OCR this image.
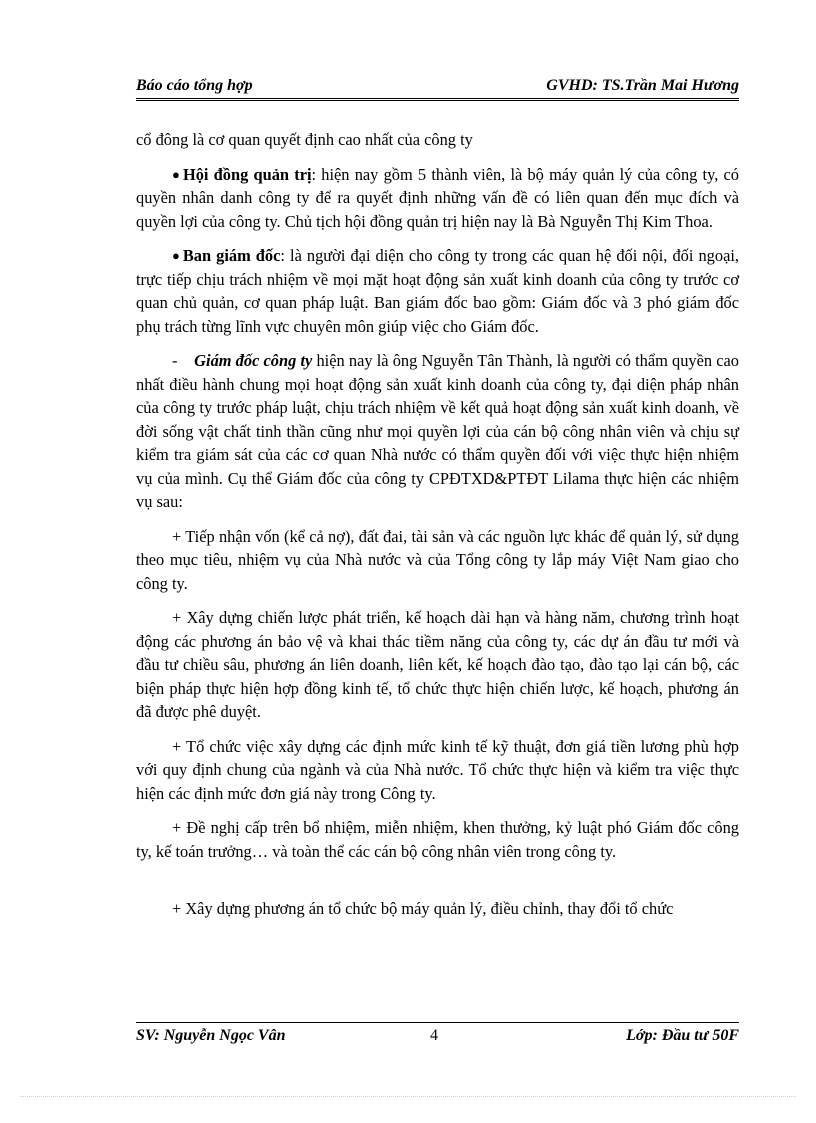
Báo cáo tổng hợp	GVHD: TS.Trần Mai Hương

cổ đông là cơ quan quyết định cao nhất của công ty

● Hội đồng quản trị: hiện nay gồm 5 thành viên, là bộ máy quản lý của công ty, có quyền nhân danh công ty để ra quyết định những vấn đề có liên quan đến mục đích và quyền lợi của công ty. Chủ tịch hội đồng quản trị hiện nay là Bà Nguyễn Thị Kim Thoa.

● Ban giám đốc: là người đại diện cho công ty trong các quan hệ đối nội, đối ngoại, trực tiếp chịu trách nhiệm về mọi mặt hoạt động sản xuất kinh doanh của công ty trước cơ quan chủ quản, cơ quan pháp luật. Ban giám đốc bao gồm: Giám đốc và 3 phó giám đốc phụ trách từng lĩnh vực chuyên môn giúp việc cho Giám đốc.

- Giám đốc công ty hiện nay là ông Nguyễn Tân Thành, là người có thẩm quyền cao nhất điều hành chung mọi hoạt động sản xuất kinh doanh của công ty, đại diện pháp nhân của công ty trước pháp luật, chịu trách nhiệm về kết quả hoạt động sản xuất kinh doanh, về đời sống vật chất tinh thần cũng như mọi quyền lợi của cán bộ công nhân viên và chịu sự kiểm tra giám sát của các cơ quan Nhà nước có thẩm quyền đối với việc thực hiện nhiệm vụ của mình. Cụ thể Giám đốc của công ty CPĐTXD&PTĐT Lilama thực hiện các nhiệm vụ sau:

+ Tiếp nhận vốn (kể cả nợ), đất đai, tài sản và các nguồn lực khác để quản lý, sử dụng theo mục tiêu, nhiệm vụ của Nhà nước và của Tổng công ty lắp máy Việt Nam giao cho công ty.

+ Xây dựng chiến lược phát triển, kế hoạch dài hạn và hàng năm, chương trình hoạt động các phương án bảo vệ và khai thác tiềm năng của công ty, các dự án đầu tư mới và đầu tư chiều sâu, phương án liên doanh, liên kết, kế hoạch đào tạo, đào tạo lại cán bộ, các biện pháp thực hiện hợp đồng kinh tế, tổ chức thực hiện chiến lược, kế hoạch, phương án đã được phê duyệt.

+ Tổ chức việc xây dựng các định mức kinh tế kỹ thuật, đơn giá tiền lương phù hợp với quy định chung của ngành và của Nhà nước. Tổ chức thực hiện và kiểm tra việc thực hiện các định mức đơn giá này trong Công ty.

+ Đề nghị cấp trên bổ nhiệm, miễn nhiệm, khen thưởng, kỷ luật phó Giám đốc công ty, kế toán trưởng… và toàn thể các cán bộ công nhân viên trong công ty.

+ Xây dựng phương án tổ chức bộ máy quản lý, điều chỉnh, thay đổi tổ chức

SV: Nguyễn Ngọc Vân	4	Lớp: Đầu tư 50F
